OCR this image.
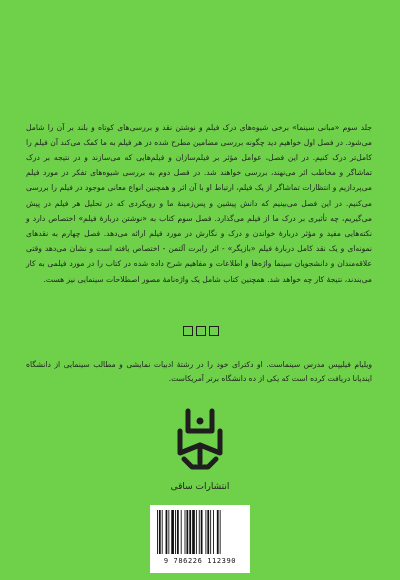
جلد سوم «مبانی سینما» برخی شیوه‌های درک فیلم و نوشتن نقد و بررسی‌های کوتاه و بلند بر آن را شامل می‌شود. در فصل اول خواهیم دید چگونه بررسی مضامین مطرح شده در هر فیلم به ما کمک می‌کند آن فیلم را کامل‌تر درک کنیم. در این فصل، عوامل مؤثر بر فیلم‌سازان و فیلم‌هایی که می‌سازند و در نتیجه بر درک تماشاگر و مخاطب اثر می‌نهند، بررسی خواهند شد. در فصل دوم به بررسی شیوه‌های تفکر در مورد فیلم می‌پردازیم و انتظارات تماشاگر از یک فیلم، ارتباط او با آن اثر و همچنین انواع معانی موجود در فیلم را بررسی می‌کنیم. در این فصل می‌بینیم که دانش پیشین و پس‌زمینهٔ ما و رویکردی که در تحلیل هر فیلم در پیش می‌گیریم، چه تأثیری بر درک ما از فیلم می‌گذارد. فصل سوم کتاب به «نوشتن دربارهٔ فیلم» اختصاص دارد و نکته‌هایی مفید و مؤثر دربارهٔ خواندن و درک و نگارش در مورد فیلم ارائه می‌دهد. فصل چهارم به نقدهای نمونه‌ای و یک نقد کامل دربارهٔ فیلم «بازیگر» - اثر رابرت آلتمن - اختصاص یافته است و نشان می‌دهد وقتی علاقه‌مندان و دانشجویان سینما واژه‌ها و اطلاعات و مفاهیم شرح داده شده در کتاب را در مورد فیلمی به کار می‌بندند، نتیجهٔ کار چه خواهد شد. همچنین کتاب شامل یک واژه‌نامهٔ مصور اصطلاحات سینمایی نیز هست.

ویلیام فیلیپس مدرس سینماست. او دکترای خود را در رشتهٔ ادبیات نمایشی و مطالب سینمایی از دانشگاه ایندیانا دریافت کرده است که یکی از ده دانشگاه برتر آمریکاست.

انتشارات ساقی
9 786226 112390
